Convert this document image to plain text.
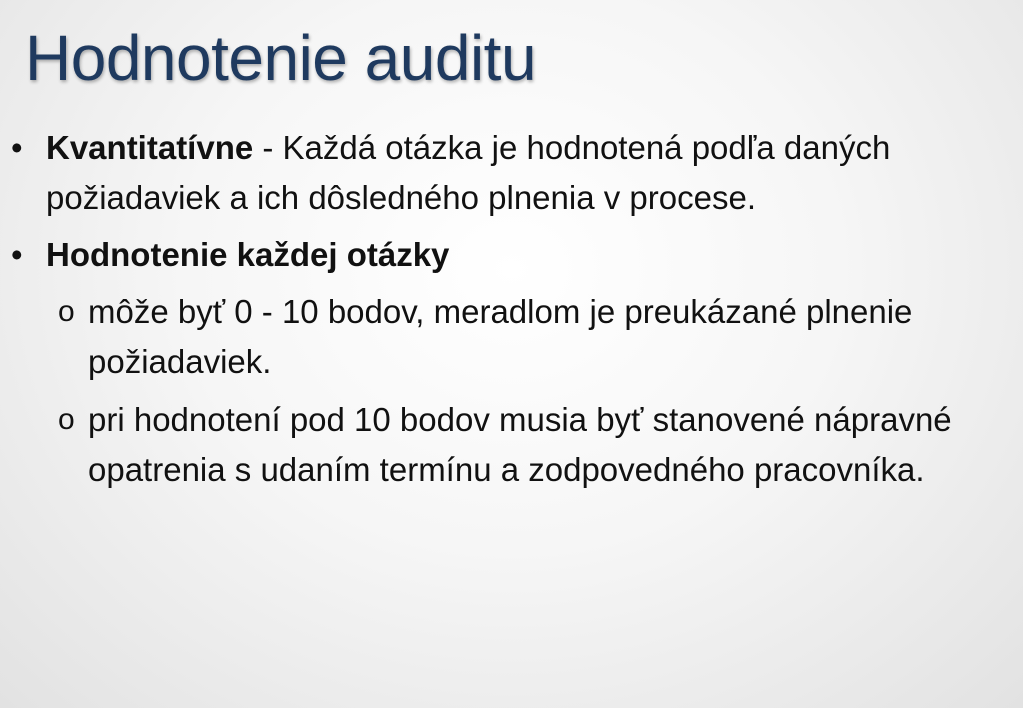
Hodnotenie auditu
• Kvantitatívne - Každá otázka je hodnotená podľa daných požiadaviek a ich dôsledného plnenia v procese.
• Hodnotenie každej otázky
o môže byť 0 - 10 bodov, meradlom je preukázané plnenie požiadaviek.
o pri hodnotení pod 10 bodov musia byť stanovené nápravné opatrenia s udaním termínu a zodpovedného pracovníka.
